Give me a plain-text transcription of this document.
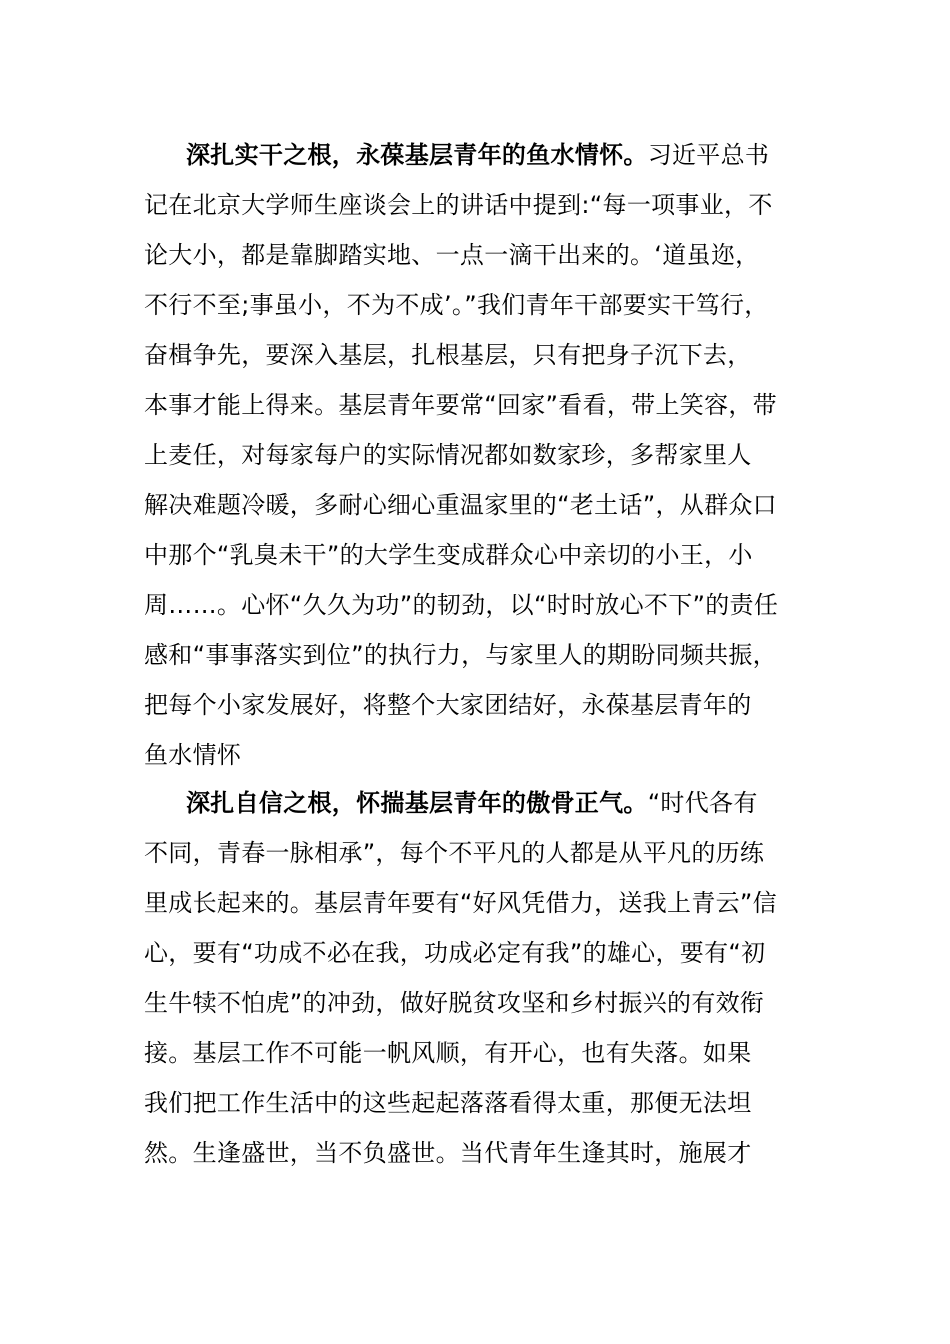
深扎实干之根，永葆基层青年的鱼水情怀。习近平总书
记在北京大学师生座谈会上的讲话中提到:“每一项事业，不
论大小，都是靠脚踏实地、一点一滴干出来的。‘道虽迩，
不行不至;事虽小，不为不成’。”我们青年干部要实干笃行，
奋楫争先，要深入基层，扎根基层，只有把身子沉下去，
本事才能上得来。基层青年要常“回家”看看，带上笑容，带
上麦任，对每家每户的实际情况都如数家珍，多帮家里人
解决难题冷暖，多耐心细心重温家里的“老土话”，从群众口
中那个“乳臭未干”的大学生变成群众心中亲切的小王，小
周……。心怀“久久为功”的韧劲，以“时时放心不下”的责任
感和“事事落实到位”的执行力，与家里人的期盼同频共振，
把每个小家发展好，将整个大家团结好，永葆基层青年的
鱼水情怀
深扎自信之根，怀揣基层青年的傲骨正气。“时代各有
不同，青春一脉相承”，每个不平凡的人都是从平凡的历练
里成长起来的。基层青年要有“好风凭借力，送我上青云”信
心，要有“功成不必在我，功成必定有我”的雄心，要有“初
生牛犊不怕虎”的冲劲，做好脱贫攻坚和乡村振兴的有效衔
接。基层工作不可能一帆风顺，有开心，也有失落。如果
我们把工作生活中的这些起起落落看得太重，那便无法坦
然。生逢盛世，当不负盛世。当代青年生逢其时，施展才
